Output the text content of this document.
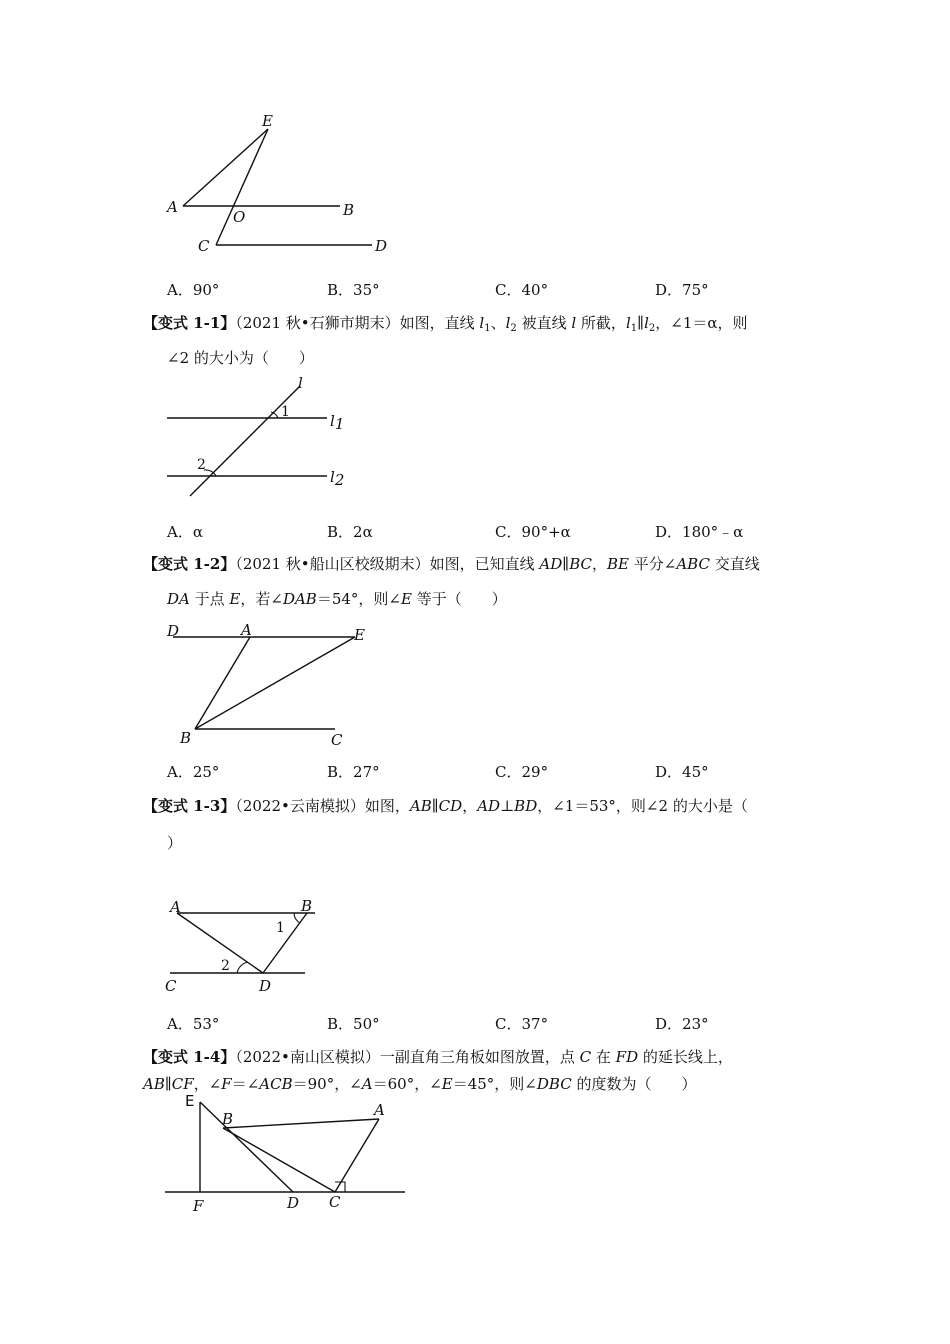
E
A
O	B
C	D
A．90°	B．35°	C．40°	D．75°
【变式 1-1】（2021 秋•石狮市期末）如图，直线 $l_1$、$l_2$ 被直线 l 所截，$l_1\parallel l_2$，∠1＝α，则
∠2 的大小为（　　）
l
1	l1
2
l2
A．α	B．2α	C．90°+α	D．180°﹣α
【变式 1-2】（2021 秋•船山区校级期末）如图，已知直线 AD∥BC，BE 平分∠ABC 交直线
DA 于点 E，若∠DAB＝54°，则∠E 等于（　　）
D	A	E
B	C
A．25°	B．27°	C．29°	D．45°
【变式 1-3】（2022•云南模拟）如图，AB∥CD，AD⊥BD，∠1＝53°，则∠2 的大小是（
）
A	B
1
2
C	D
A．53°	B．50°	C．37°	D．23°
【变式 1-4】（2022•南山区模拟）一副直角三角板如图放置，点 C 在 FD 的延长线上，
AB∥CF，∠F＝∠ACB＝90°，∠A＝60°，∠E＝45°，则∠DBC 的度数为（　　）
E
B	A
F	D C
